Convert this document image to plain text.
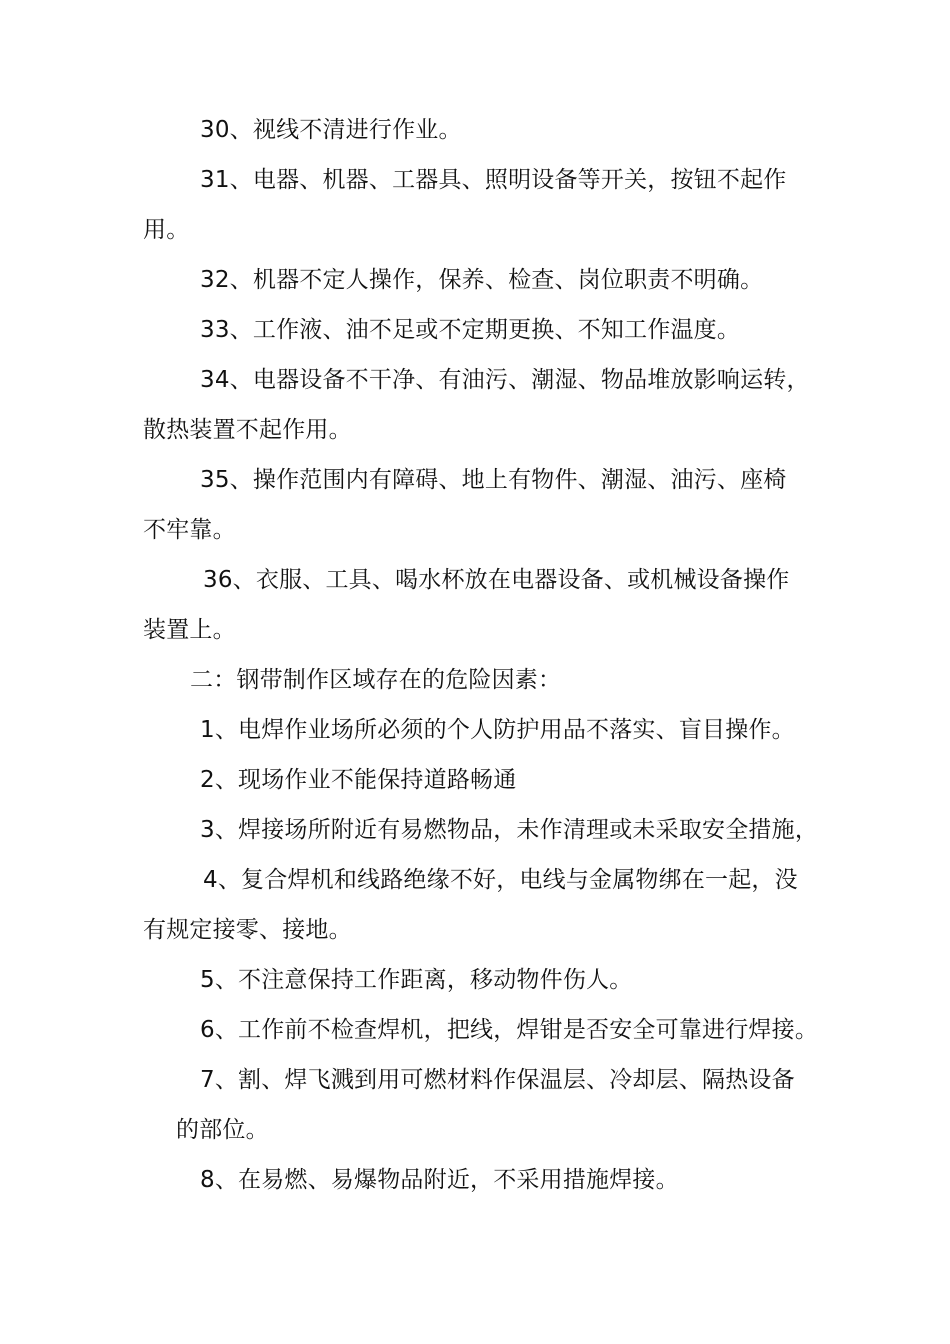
30、视线不清进行作业。

31、电器、机器、工器具、照明设备等开关，按钮不起作

用。

32、机器不定人操作，保养、检查、岗位职责不明确。

33、工作液、油不足或不定期更换、不知工作温度。

34、电器设备不干净、有油污、潮湿、物品堆放影响运转，

散热装置不起作用。

35、操作范围内有障碍、地上有物件、潮湿、油污、座椅

不牢靠。

36、衣服、工具、喝水杯放在电器设备、或机械设备操作

装置上。

二：钢带制作区域存在的危险因素：

1、电焊作业场所必须的个人防护用品不落实、盲目操作。

2、现场作业不能保持道路畅通

3、焊接场所附近有易燃物品，未作清理或未采取安全措施，

4、复合焊机和线路绝缘不好，电线与金属物绑在一起，没

有规定接零、接地。

5、不注意保持工作距离，移动物件伤人。

6、工作前不检查焊机，把线，焊钳是否安全可靠进行焊接。

7、割、焊飞溅到用可燃材料作保温层、冷却层、隔热设备

的部位。

8、在易燃、易爆物品附近，不采用措施焊接。
